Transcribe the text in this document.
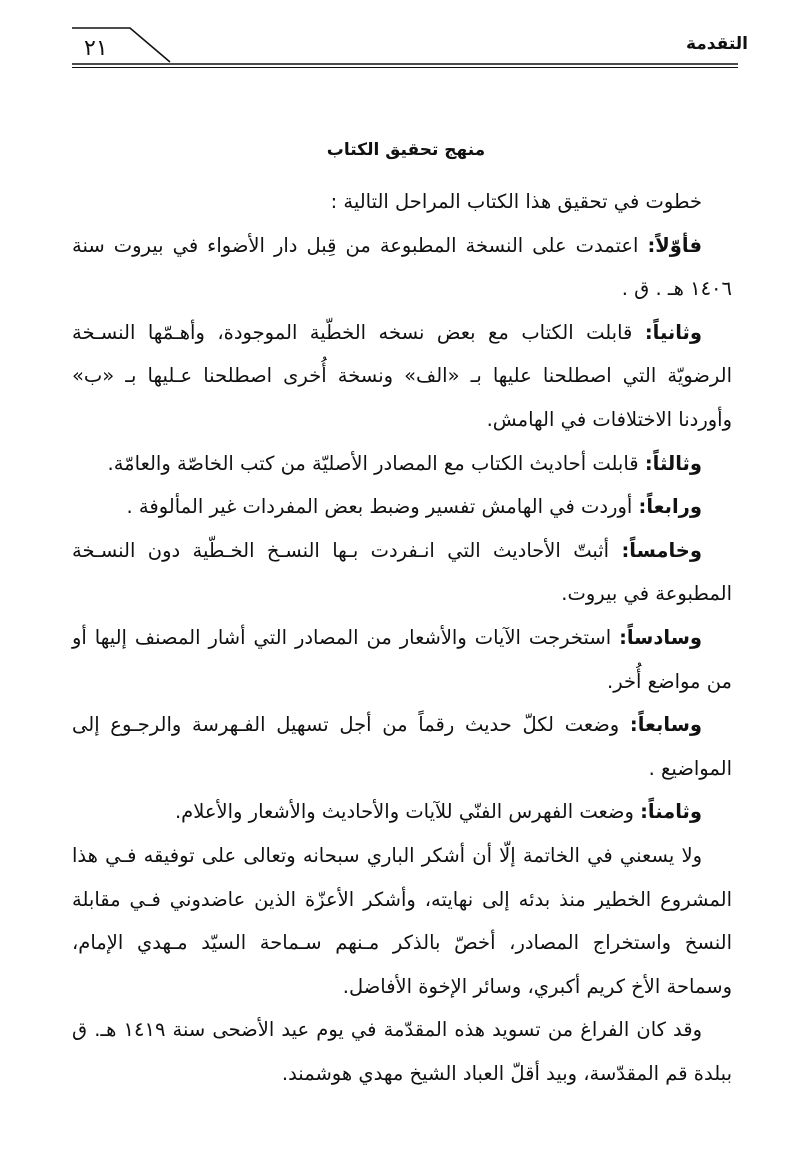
٢١	التقدمة
منهج تحقيق الكتاب

خطوت في تحقيق هذا الكتاب المراحل التالية :

فأوّلاً: اعتمدت على النسخة المطبوعة من قِبل دار الأضواء في بيروت سنة ١٤٠٦ هـ . ق .

وثانياً: قابلت الكتاب مع بعض نسخه الخطّية الموجودة، وأهـمّها النسـخة الرضويّة التي اصطلحنا عليها بـ «الف» ونسخة أُخرى اصطلحنا عـليها بـ «ب» وأوردنا الاختلافات في الهامش.

وثالثاً: قابلت أحاديث الكتاب مع المصادر الأصليّة من كتب الخاصّة والعامّة.

ورابعاً: أوردت في الهامش تفسير وضبط بعض المفردات غير المألوفة .

وخامساً: أثبتّ الأحاديث التي انـفردت بـها النسـخ الخـطّية دون النسـخة المطبوعة في بيروت.

وسادساً: استخرجت الآيات والأشعار من المصادر التي أشار المصنف إليها أو من مواضع أُخر.

وسابعاً: وضعت لكلّ حديث رقماً من أجل تسهيل الفـهرسة والرجـوع إلى المواضيع .

وثامناً: وضعت الفهرس الفنّي للآيات والأحاديث والأشعار والأعلام.

ولا يسعني في الخاتمة إلّا أن أشكر الباري سبحانه وتعالى على توفيقه فـي هذا المشروع الخطير منذ بدئه إلى نهايته، وأشكر الأعزّة الذين عاضدوني فـي مقابلة النسخ واستخراج المصادر، أخصّ بالذكر مـنهم سـماحة السيّد مـهدي الإمام، وسماحة الأخ كريم أكبري، وسائر الإخوة الأفاضل.

وقد كان الفراغ من تسويد هذه المقدّمة في يوم عيد الأضحى سنة ١٤١٩ هـ. ق ببلدة قم المقدّسة، وبيد أقلّ العباد الشيخ مهدي هوشمند.
